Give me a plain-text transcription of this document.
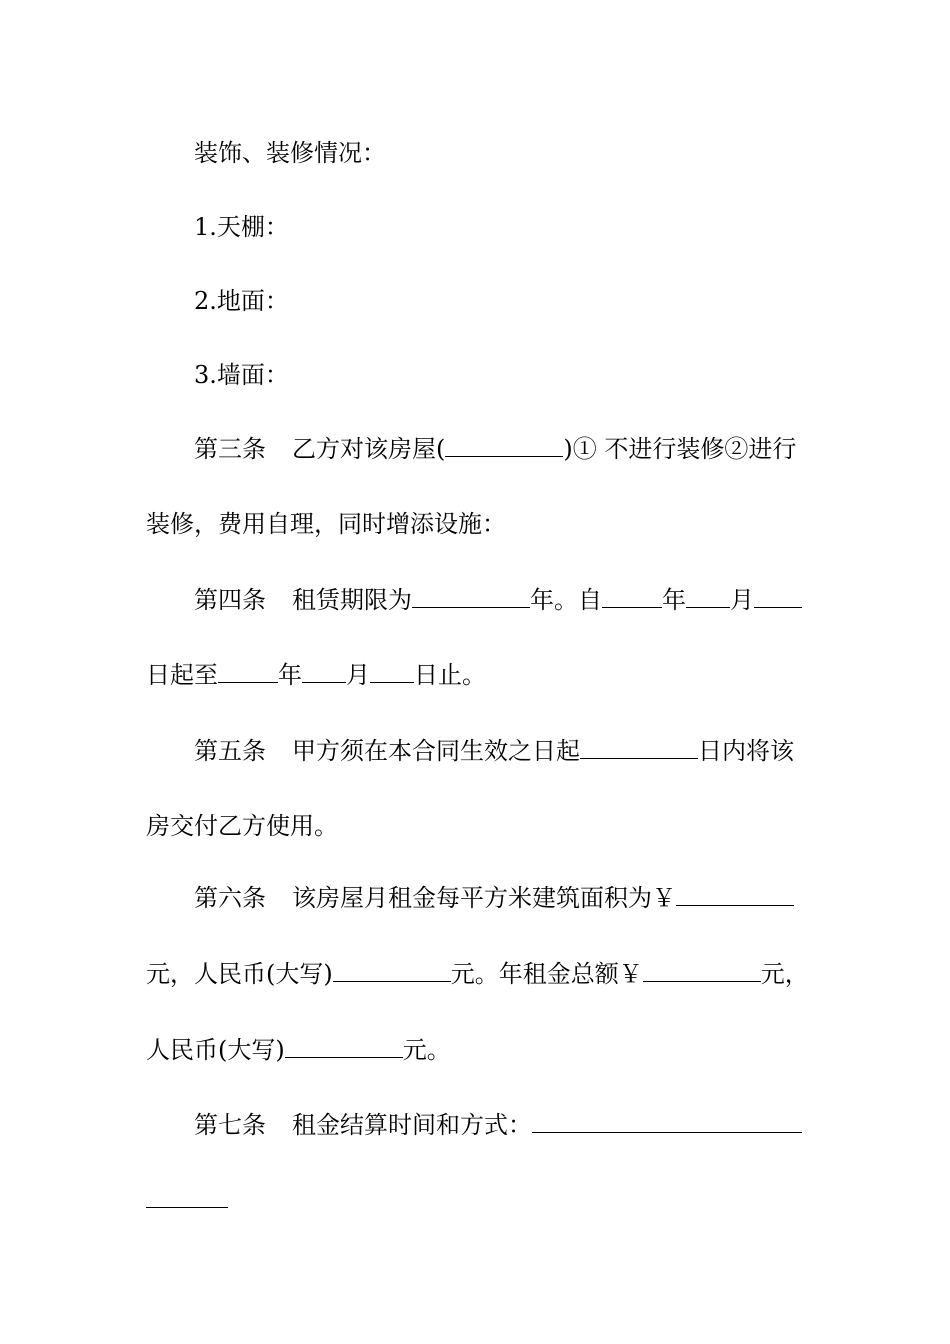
装饰、装修情况：
1.天棚：
2.地面：
3.墙面：
第三条 乙方对该房屋(	)① 不进行装修②进行
装修，费用自理，同时增添设施：
第四条 租赁期限为	年。自	年 月
日起至	年 月 日止。
第五条 甲方须在本合同生效之日起	日内将该
房交付乙方使用。
第六条 该房屋月租金每平方米建筑面积为￥
元，人民币(大写)	元。年租金总额￥	元，
人民币(大写)	元。
第七条 租金结算时间和方式：
